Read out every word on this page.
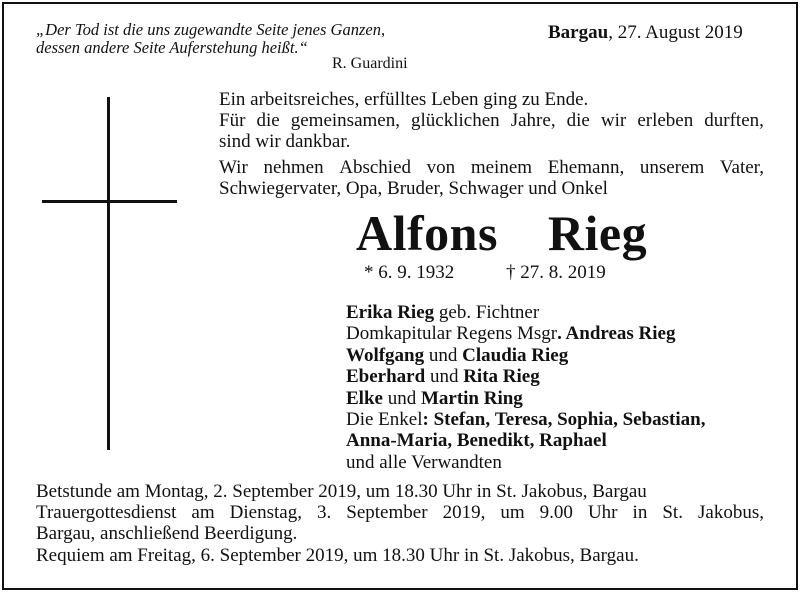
„Der Tod ist die uns zugewandte Seite jenes Ganzen,
dessen andere Seite Auferstehung heißt.“
R. Guardini
Bargau, 27. August 2019
Ein arbeitsreiches, erfülltes Leben ging zu Ende.
Für die gemeinsamen, glücklichen Jahre, die wir erleben durften,
sind wir dankbar.
Wir nehmen Abschied von meinem Ehemann, unserem Vater,
Schwiegervater, Opa, Bruder, Schwager und Onkel
Alfons  Rieg
* 6. 9. 1932	† 27. 8. 2019
Erika Rieg geb. Fichtner
Domkapitular Regens Msgr. Andreas Rieg
Wolfgang und Claudia Rieg
Eberhard und Rita Rieg
Elke und Martin Ring
Die Enkel: Stefan, Teresa, Sophia, Sebastian,
Anna-Maria, Benedikt, Raphael
und alle Verwandten
Betstunde am Montag, 2. September 2019, um 18.30 Uhr in St. Jakobus, Bargau
Trauergottesdienst am Dienstag, 3. September 2019, um 9.00 Uhr in St. Jakobus,
Bargau, anschließend Beerdigung.
Requiem am Freitag, 6. September 2019, um 18.30 Uhr in St. Jakobus, Bargau.
